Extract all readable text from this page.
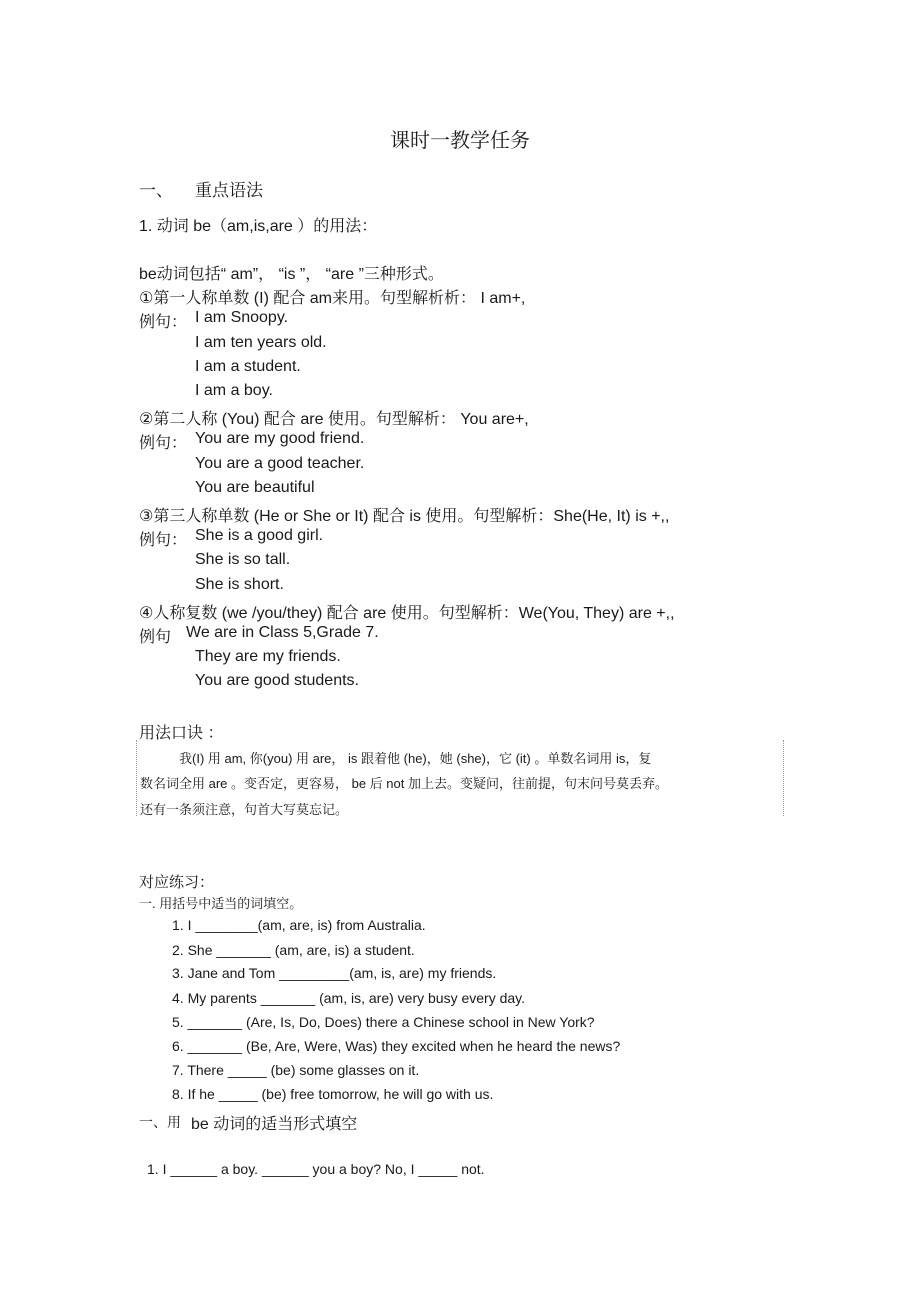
课时一教学任务
一、 重点语法
1. 动词 be（am,is,are ）的用法：
be动词包括“ am”， “is ”， “are ”三种形式。
①第一人称单数 (I) 配合 am来用。句型解析析： I am+,
例句： I am Snoopy.
I am ten years old.
I am a student.
I am a boy.
②第二人称 (You) 配合 are 使用。句型解析： You are+,
例句： You are my good friend.
You are a good teacher.
You are beautiful
③第三人称单数 (He or She or It) 配合 is 使用。句型解析：She(He, It) is +,,
例句： She is a good girl.
She is so tall.
She is short.
④人称复数 (we /you/they) 配合 are 使用。句型解析：We(You, They) are +,,
例句 We are in Class 5,Grade 7.
They are my friends.
You are good students.
用法口诀 ：
我(I) 用 am, 你(you) 用 are， is 跟着他 (he)，她 (she)，它 (it) 。单数名词用 is，复
数名词全用 are 。变否定，更容易， be 后 not 加上去。变疑问，往前提，句末问号莫丢弃。
还有一条须注意，句首大写莫忘记。
对应练习：
一. 用括号中适当的词填空。
1. I ________(am, are, is) from Australia.
2. She _______ (am, are, is) a student.
3. Jane and Tom _________(am, is, are) my friends.
4. My parents _______ (am, is, are) very busy every day.
5. _______ (Are, Is, Do, Does) there a Chinese school in New York?
6. _______ (Be, Are, Were, Was) they excited when he heard the news?
7. There _____ (be) some glasses on it.
8. If he _____ (be) free tomorrow, he will go with us.
一、用 be 动词的适当形式填空
1. I ______ a boy. ______ you a boy? No, I _____ not.
